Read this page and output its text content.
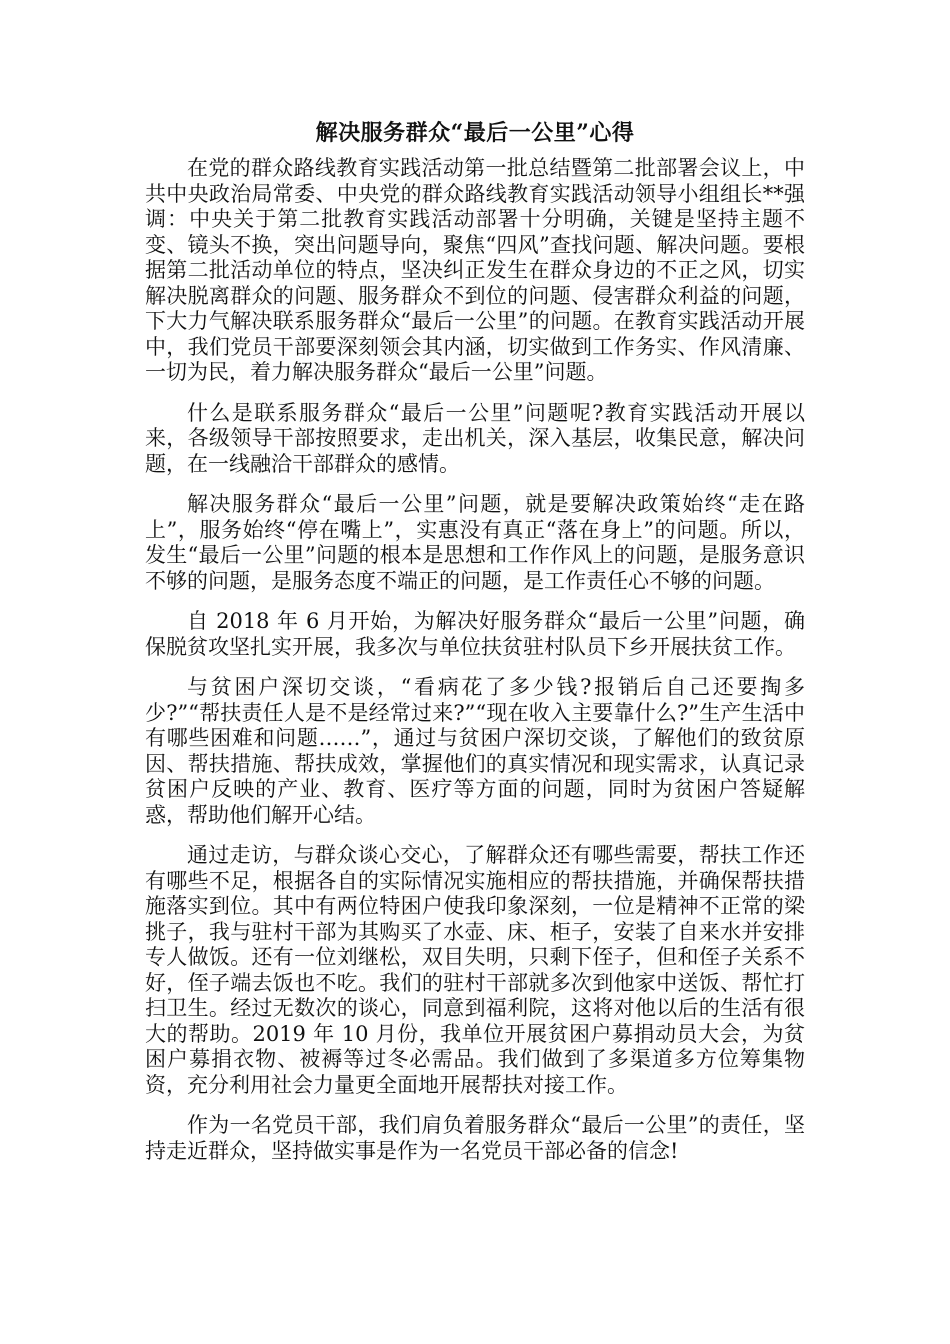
解决服务群众“最后一公里”心得

在党的群众路线教育实践活动第一批总结暨第二批部署会议上，中共中央政治局常委、中央党的群众路线教育实践活动领导小组组长**强调：中央关于第二批教育实践活动部署十分明确，关键是坚持主题不变、镜头不换，突出问题导向，聚焦“四风”查找问题、解决问题。要根据第二批活动单位的特点，坚决纠正发生在群众身边的不正之风，切实解决脱离群众的问题、服务群众不到位的问题、侵害群众利益的问题，下大力气解决联系服务群众“最后一公里”的问题。在教育实践活动开展中，我们党员干部要深刻领会其内涵，切实做到工作务实、作风清廉、一切为民，着力解决服务群众“最后一公里”问题。

什么是联系服务群众“最后一公里”问题呢?教育实践活动开展以来，各级领导干部按照要求，走出机关，深入基层，收集民意，解决问题，在一线融洽干部群众的感情。

解决服务群众“最后一公里”问题，就是要解决政策始终“走在路上”，服务始终“停在嘴上”，实惠没有真正“落在身上”的问题。所以，发生“最后一公里”问题的根本是思想和工作作风上的问题，是服务意识不够的问题，是服务态度不端正的问题，是工作责任心不够的问题。

自 2018 年 6 月开始，为解决好服务群众“最后一公里”问题，确保脱贫攻坚扎实开展，我多次与单位扶贫驻村队员下乡开展扶贫工作。

与贫困户深切交谈，“看病花了多少钱?报销后自己还要掏多少?”“帮扶责任人是不是经常过来?”“现在收入主要靠什么?”生产生活中有哪些困难和问题……”，通过与贫困户深切交谈，了解他们的致贫原因、帮扶措施、帮扶成效，掌握他们的真实情况和现实需求，认真记录贫困户反映的产业、教育、医疗等方面的问题，同时为贫困户答疑解惑，帮助他们解开心结。

通过走访，与群众谈心交心，了解群众还有哪些需要，帮扶工作还有哪些不足，根据各自的实际情况实施相应的帮扶措施，并确保帮扶措施落实到位。其中有两位特困户使我印象深刻，一位是精神不正常的梁挑子，我与驻村干部为其购买了水壶、床、柜子，安装了自来水并安排专人做饭。还有一位刘继松，双目失明，只剩下侄子，但和侄子关系不好，侄子端去饭也不吃。我们的驻村干部就多次到他家中送饭、帮忙打扫卫生。经过无数次的谈心，同意到福利院，这将对他以后的生活有很大的帮助。2019 年 10 月份，我单位开展贫困户募捐动员大会，为贫困户募捐衣物、被褥等过冬必需品。我们做到了多渠道多方位筹集物资，充分利用社会力量更全面地开展帮扶对接工作。

作为一名党员干部，我们肩负着服务群众“最后一公里”的责任，坚持走近群众，坚持做实事是作为一名党员干部必备的信念!
